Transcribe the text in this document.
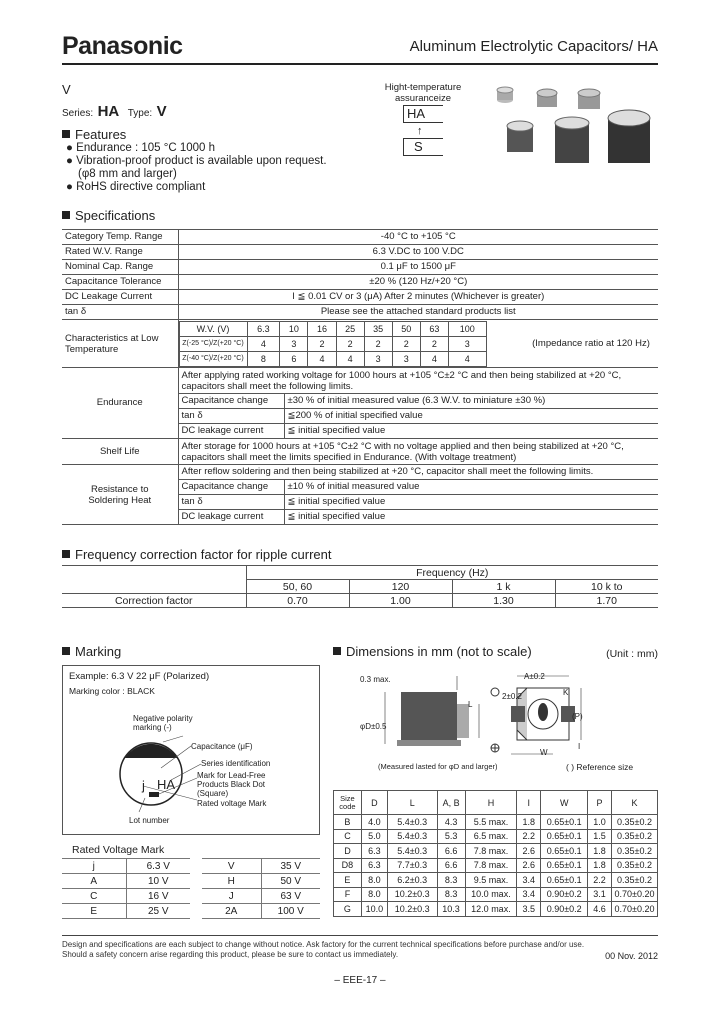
Panasonic	Aluminum Electrolytic Capacitors/ HA
V
Series: HA Type: V
Hight-temperature
assuranceize
HA
↑
S
Features
● Endurance : 105 °C 1000 h
● Vibration-proof product is available upon request.
(φ8 mm and larger)
● RoHS directive compliant
Specifications
Category Temp. Range	-40 °C to +105 °C
Rated W.V. Range	6.3 V.DC to 100 V.DC
Nominal Cap. Range	0.1 μF to 1500 μF
Capacitance Tolerance	±20 % (120 Hz/+20 °C)
DC Leakage Current	I ≦ 0.01 CV or 3 (μA) After 2 minutes (Whichever is greater)
tan δ	Please see the attached standard products list
Characteristics at Low Temperature	
W.V. (V)	6.3	10	16	25	35	50	63	100
Z(-25 °C)/Z(+20 °C)	4	3	2	2	2	2	2	3
Z(-40 °C)/Z(+20 °C)	8	6	4	4	3	3	4	4
	(Impedance ratio at 120 Hz)
Endurance	
After applying rated working voltage for 1000 hours at +105 °C±2 °C and then being stabilized at +20 °C,
capacitors shall meet the following limits.

Capacitance change	±30 % of initial measured value (6.3 W.V. to miniature ±30 %)
tan δ	≦200 % of initial specified value
DC leakage current	≦ initial specified value
Shelf Life	After storage for 1000 hours at +105 °C±2 °C with no voltage applied and then being stabilized at +20 °C,
capacitors shall meet the limits specified in Endurance. (With voltage treatment)

Resistance to
Soldering Heat
	After reflow soldering and then being stabilized at +20 °C, capacitor shall meet the following limits.
Capacitance change	±10 % of initial measured value
tan δ	≦ initial specified value
DC leakage current	≦ initial specified value
Frequency correction factor for ripple current
	Frequency (Hz)			
	50, 60	120	1 k	10 k to
Correction factor	0.70	1.00	1.30	1.70
Marking
Example: 6.3 V 22 μF (Polarized)
Marking color : BLACK
Negative polarity
marking (-)
Capacitance (μF)
Series identification
Mark for Lead-Free
Products Black Dot
(Square)
Rated voltage Mark
Lot number
22
j HA
Rated Voltage Mark
j	6.3 V		V	35 V
A	10 V		H	50 V
C	16 V		J	63 V
E	25 V		2A	100 V
Dimensions in mm (not to scale)	(Unit : mm)
0.3 max.	A±0.2
2±0.2
L
φD±0.5
W
K
(P)
I
(Measured lasted for φD and larger)	( ) Reference size
Size code	D	L	A, B	H	I	W	P	K
B	4.0	5.4±0.3	4.3	5.5 max.	1.8	0.65±0.1	1.0	0.35±0.2
C	5.0	5.4±0.3	5.3	6.5 max.	2.2	0.65±0.1	1.5	0.35±0.2
D	6.3	5.4±0.3	6.6	7.8 max.	2.6	0.65±0.1	1.8	0.35±0.2
D8	6.3	7.7±0.3	6.6	7.8 max.	2.6	0.65±0.1	1.8	0.35±0.2
E	8.0	6.2±0.3	8.3	9.5 max.	3.4	0.65±0.1	2.2	0.35±0.2
F	8.0	10.2±0.3	8.3	10.0 max.	3.4	0.90±0.2	3.1	0.70±0.20
G	10.0	10.2±0.3	10.3	12.0 max.	3.5	0.90±0.2	4.6	0.70±0.20
Design and specifications are each subject to change without notice. Ask factory for the current technical specifications before purchase and/or use.
Should a safety concern arise regarding this product, please be sure to contact us immediately.	00 Nov. 2012
– EEE-17 –
